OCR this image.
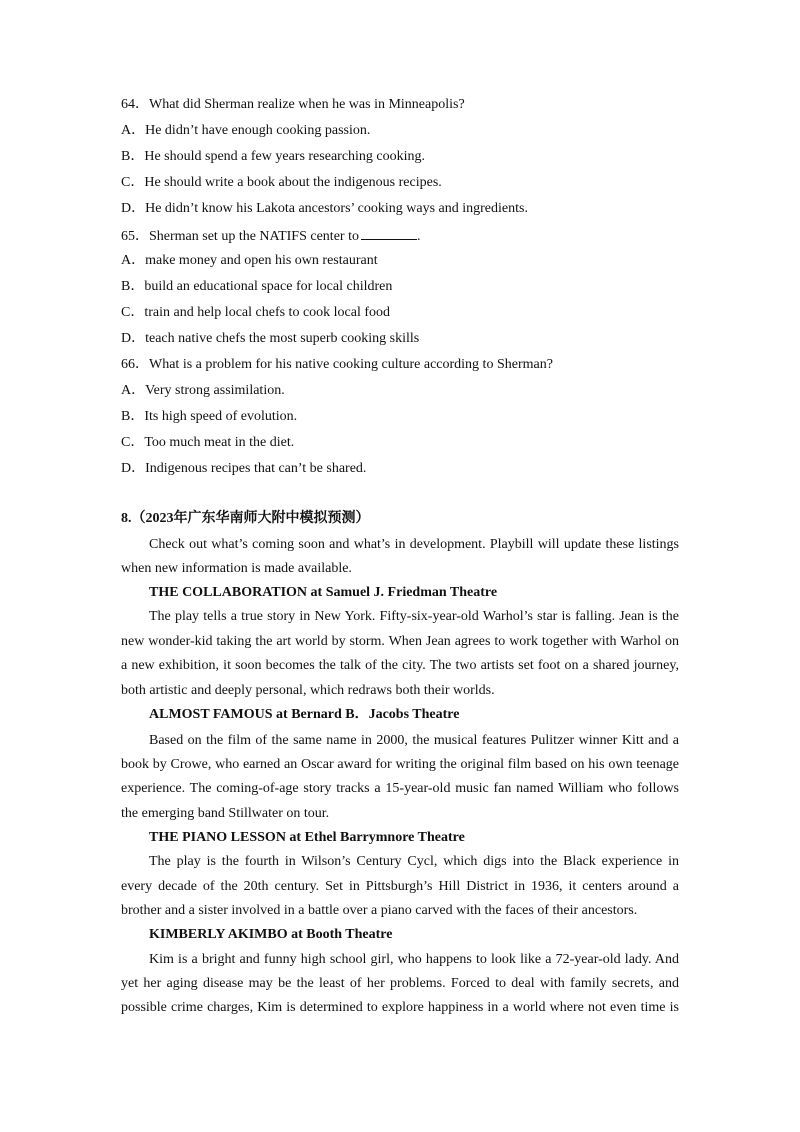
64．What did Sherman realize when he was in Minneapolis?
A．He didn’t have enough cooking passion.
B．He should spend a few years researching cooking.
C．He should write a book about the indigenous recipes.
D．He didn’t know his Lakota ancestors’ cooking ways and ingredients.
65．Sherman set up the NATIFS center to	.
A．make money and open his own restaurant
B．build an educational space for local children
C．train and help local chefs to cook local food
D．teach native chefs the most superb cooking skills
66．What is a problem for his native cooking culture according to Sherman?
A．Very strong assimilation.
B．Its high speed of evolution.
C．Too much meat in the diet.
D．Indigenous recipes that can’t be shared.
8.（2023年广东华南师大附中模拟预测）
Check out what’s coming soon and what’s in development. Playbill will update these listings
when new information is made available.
THE COLLABORATION at Samuel J. Friedman Theatre
The play tells a true story in New York. Fifty-six-year-old Warhol’s star is falling. Jean is the
new wonder-kid taking the art world by storm. When Jean agrees to work together with Warhol on
a new exhibition, it soon becomes the talk of the city. The two artists set foot on a shared journey,
both artistic and deeply personal, which redraws both their worlds.
ALMOST FAMOUS at Bernard B．Jacobs Theatre
Based on the film of the same name in 2000, the musical features Pulitzer winner Kitt and a
book by Crowe, who earned an Oscar award for writing the original film based on his own teenage
experience. The coming-of-age story tracks a 15-year-old music fan named William who follows
the emerging band Stillwater on tour.
THE PIANO LESSON at Ethel Barrymnore Theatre
The play is the fourth in Wilson’s Century Cycl, which digs into the Black experience in
every decade of the 20th century. Set in Pittsburgh’s Hill District in 1936, it centers around a
brother and a sister involved in a battle over a piano carved with the faces of their ancestors.
KIMBERLY AKIMBO at Booth Theatre
Kim is a bright and funny high school girl, who happens to look like a 72-year-old lady. And
yet her aging disease may be the least of her problems. Forced to deal with family secrets, and
possible crime charges, Kim is determined to explore happiness in a world where not even time is
